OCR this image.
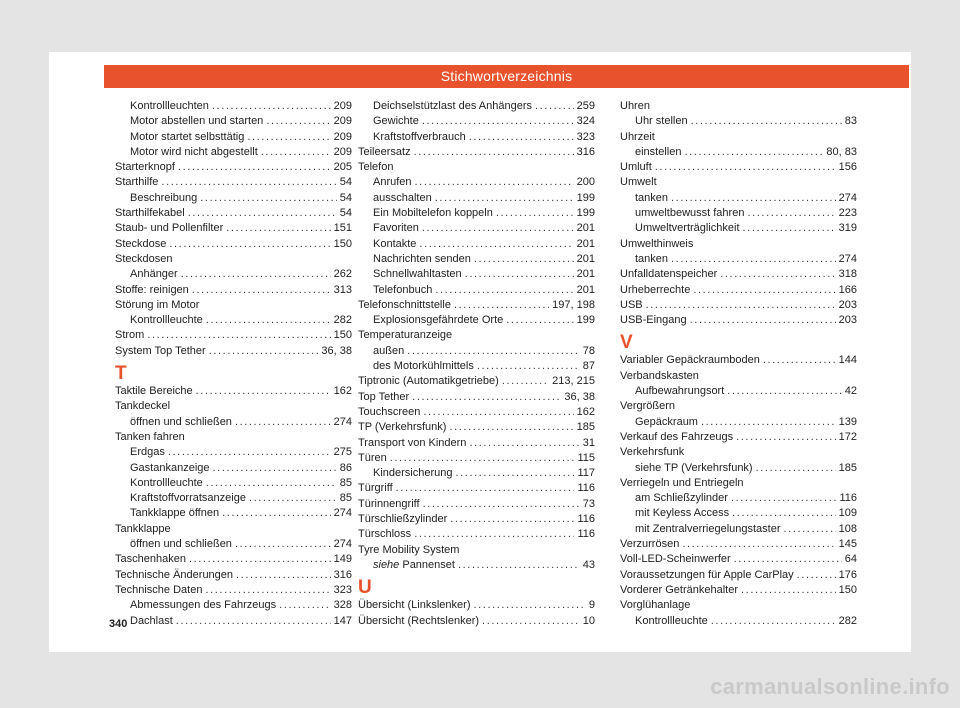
Stichwortverzeichnis
Kontrollleuchten .....	209
Motor abstellen und starten .....	209
Motor startet selbsttätig .....	209
Motor wird nicht abgestellt .....	209
Starterknopf .....	205
Starthilfe .....	54
Beschreibung .....	54
Starthilfekabel .....	54
Staub- und Pollenfilter .....	151
Steckdose .....	150
Steckdosen
Anhänger .....	262
Stoffe: reinigen .....	313
Störung im Motor
Kontrollleuchte .....	282
Strom .....	150
System Top Tether .....	36, 38
T
Taktile Bereiche .....	162
Tankdeckel
öffnen und schließen .....	274
Tanken fahren
Erdgas .....	275
Gastankanzeige .....	86
Kontrollleuchte .....	85
Kraftstoffvorratsanzeige .....	85
Tankklappe öffnen .....	274
Tankklappe
öffnen und schließen .....	274
Taschenhaken .....	149
Technische Änderungen .....	316
Technische Daten .....	323
Abmessungen des Fahrzeugs .....	328
Dachlast .....	147
Deichselstützlast des Anhängers .....	259
Gewichte .....	324
Kraftstoffverbrauch .....	323
Teileersatz .....	316
Telefon
Anrufen .....	200
ausschalten .....	199
Ein Mobiltelefon koppeln .....	199
Favoriten .....	201
Kontakte .....	201
Nachrichten senden .....	201
Schnellwahltasten .....	201
Telefonbuch .....	201
Telefonschnittstelle .....	197, 198
Explosionsgefährdete Orte .....	199
Temperaturanzeige
außen .....	78
des Motorkühlmittels .....	87
Tiptronic (Automatikgetriebe) .....	213, 215
Top Tether .....	36, 38
Touchscreen .....	162
TP (Verkehrsfunk) .....	185
Transport von Kindern .....	31
Türen .....	115
Kindersicherung .....	117
Türgriff .....	116
Türinnengriff .....	73
Türschließzylinder .....	116
Türschloss .....	116
Tyre Mobility System
siehe Pannenset .....	43
U
Übersicht (Linkslenker) .....	9
Übersicht (Rechtslenker) .....	10
Uhren
Uhr stellen .....	83
Uhrzeit
einstellen .....	80, 83
Umluft .....	156
Umwelt
tanken .....	274
umweltbewusst fahren .....	223
Umweltverträglichkeit .....	319
Umwelthinweis
tanken .....	274
Unfalldatenspeicher .....	318
Urheberrechte .....	166
USB .....	203
USB-Eingang .....	203
V
Variabler Gepäckraumboden .....	144
Verbandskasten
Aufbewahrungsort .....	42
Vergrößern
Gepäckraum .....	139
Verkauf des Fahrzeugs .....	172
Verkehrsfunk
siehe TP (Verkehrsfunk) .....	185
Verriegeln und Entriegeln
am Schließzylinder .....	116
mit Keyless Access .....	109
mit Zentralverriegelungstaster .....	108
Verzurrösen .....	145
Voll-LED-Scheinwerfer .....	64
Voraussetzungen für Apple CarPlay .....	176
Vorderer Getränkehalter .....	150
Vorglühanlage
Kontrollleuchte .....	282
340
carmanualsonline.info
